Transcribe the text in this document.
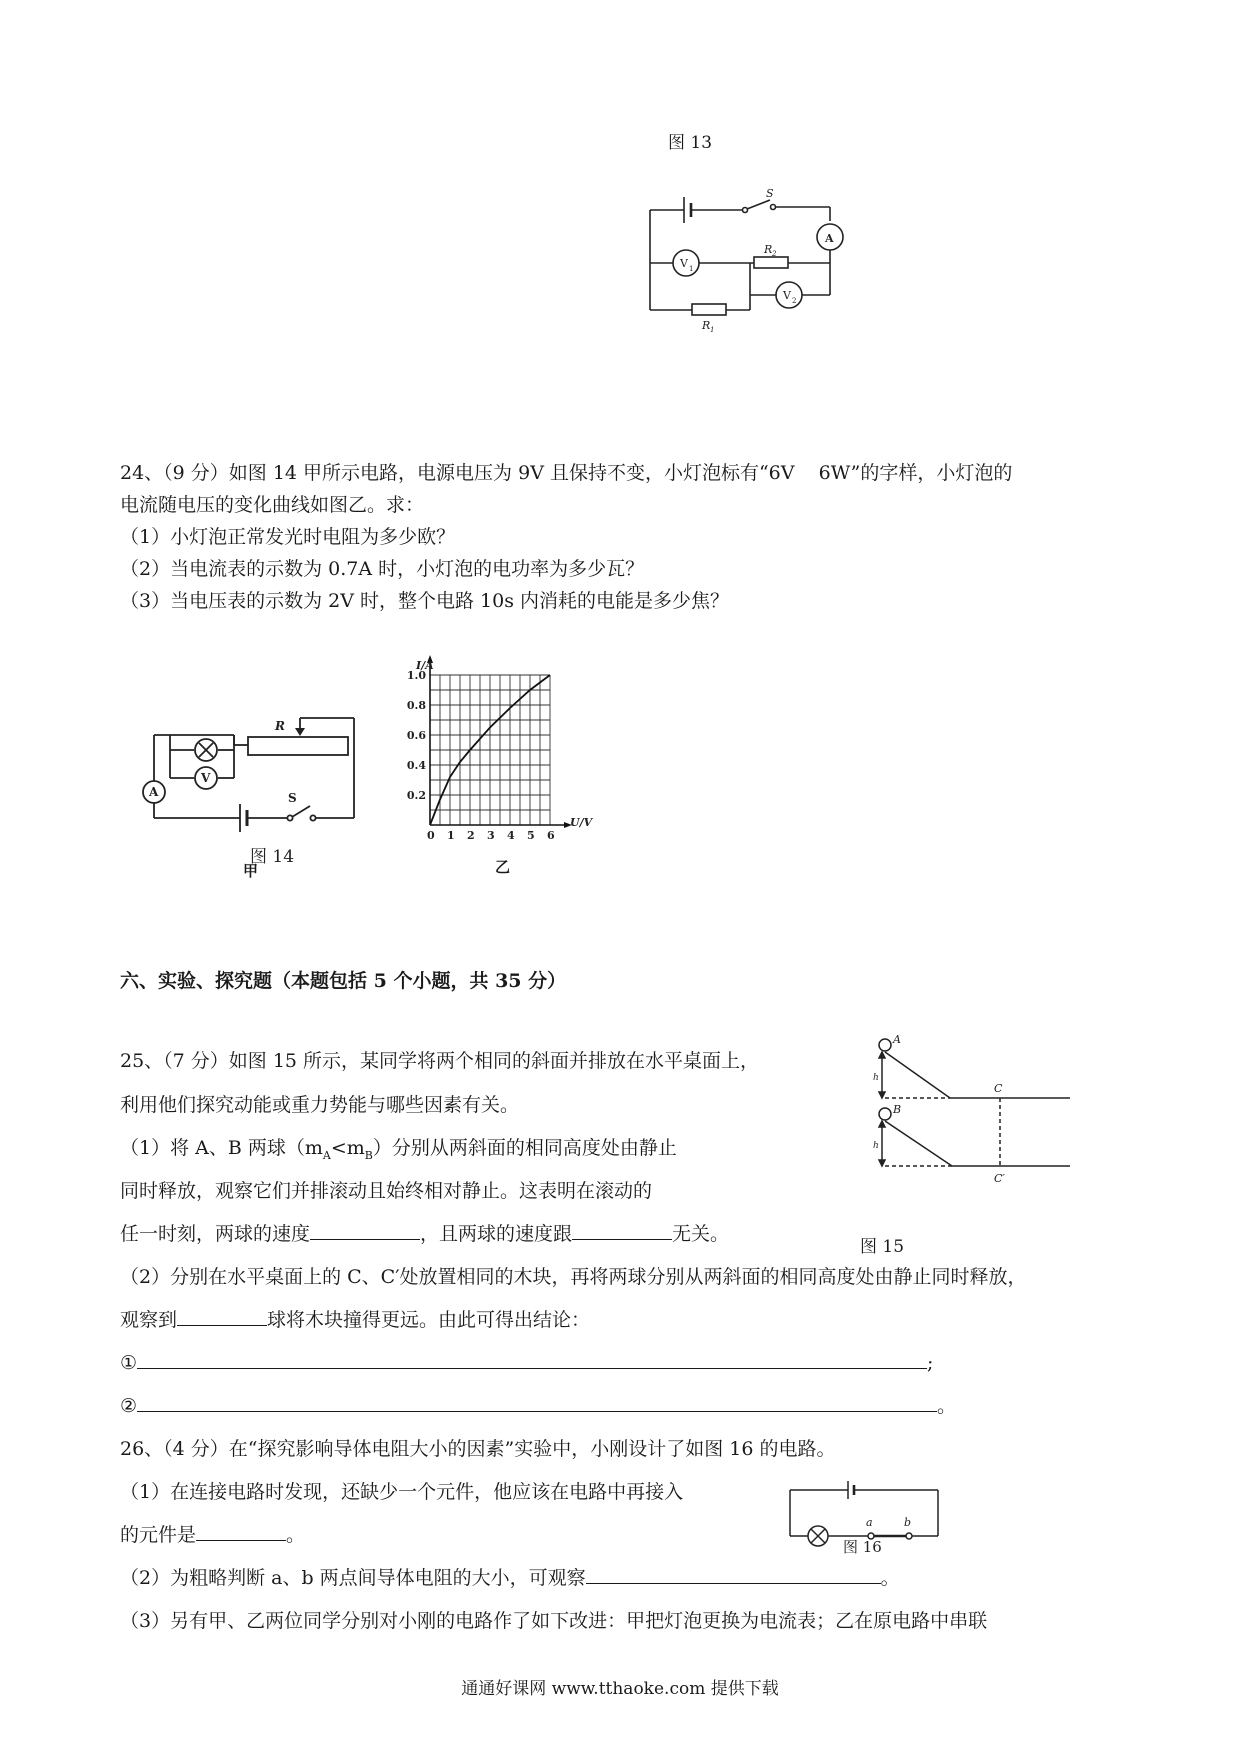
图 13
S
A
V 1
V 2
R 1
R 2
24、（9 分）如图 14 甲所示电路，电源电压为 9V 且保持不变，小灯泡标有“6V    6W”的字样，小灯泡的
电流随电压的变化曲线如图乙。求：
（1）小灯泡正常发光时电阻为多少欧？
（2）当电流表的示数为 0.7A 时，小灯泡的电功率为多少瓦？
（3）当电压表的示数为 2V 时，整个电路 10s 内消耗的电能是多少焦？
A
V
R
S
图 14
甲
0 1 2 3 4 5 6
0.2
0.4
0.6
0.8
1.0
I/A
U/V
乙
六、实验、探究题（本题包括 5 个小题，共 35 分）
25、（7 分）如图 15 所示，某同学将两个相同的斜面并排放在水平桌面上，
利用他们探究动能或重力势能与哪些因素有关。
（1）将 A、B 两球$(m_A<m_B)$分别从两斜面的相同高度处由静止
同时释放，观察它们并排滚动且始终相对静止。这表明在滚动的
任一时刻，两球的速度	，且两球的速度跟	无关。
（2）分别在水平桌面上的 C、C′处放置相同的木块，再将两球分别从两斜面的相同高度处由静止同时释放，
观察到	球将木块撞得更远。由此可得出结论：
①	;
②	。
A
B
C
C′
h
h
图 15
26、（4 分）在“探究影响导体电阻大小的因素”实验中，小刚设计了如图 16 的电路。
（1）在连接电路时发现，还缺少一个元件，他应该在电路中再接入
的元件是	。
（2）为粗略判断 a、b 两点间导体电阻的大小，可观察	。
（3）另有甲、乙两位同学分别对小刚的电路作了如下改进：甲把灯泡更换为电流表；乙在原电路中串联
a	b
图 16
通通好课网 www.tthaoke.com 提供下载
